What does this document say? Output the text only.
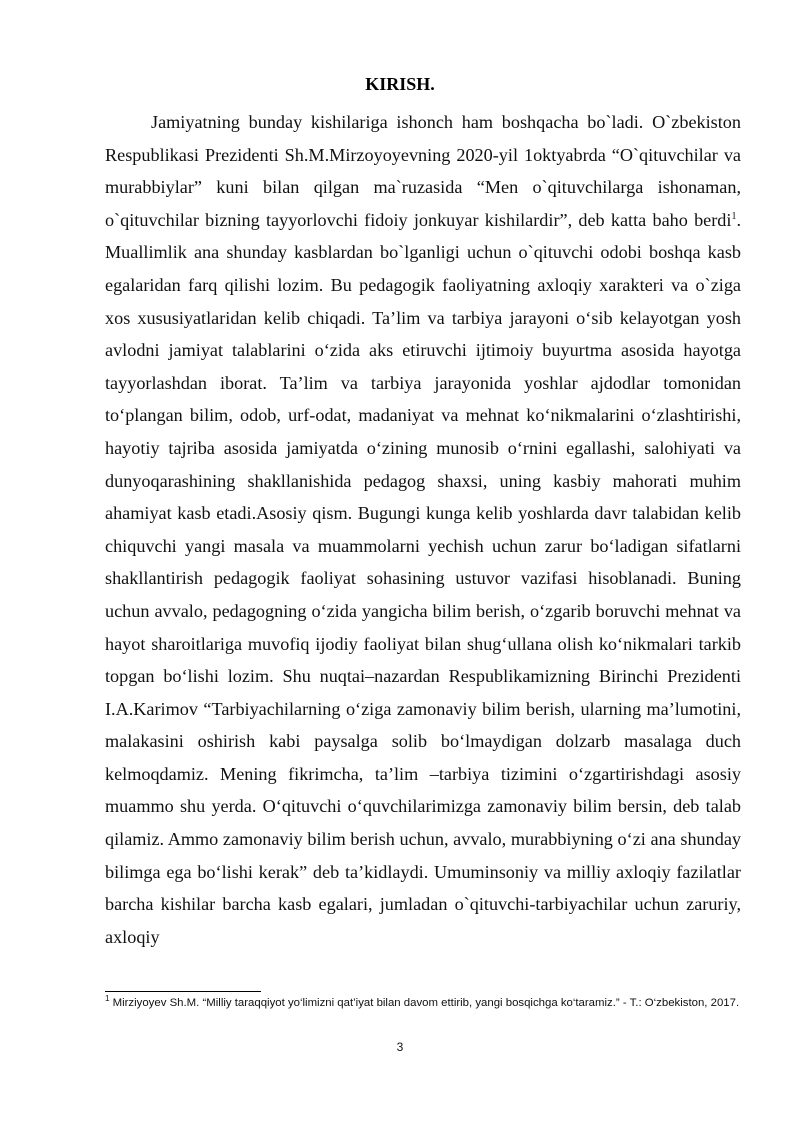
KIRISH.

Jamiyatning bunday kishilariga ishonch ham boshqacha bo`ladi. O`zbekiston Respublikasi Prezidenti Sh.M.Mirzoyoyevning 2020-yil 1oktyabrda “O`qituvchilar va murabbiylar” kuni bilan qilgan ma`ruzasida “Men o`qituvchilarga ishonaman, o`qituvchilar bizning tayyorlovchi fidoiy jonkuyar kishilardir”, deb katta baho berdi$^1$. Muallimlik ana shunday kasblardan bo`lganligi uchun o`qituvchi odobi boshqa kasb egalaridan farq qilishi lozim. Bu pedagogik faoliyatning axloqiy xarakteri va o`ziga xos xususiyatlaridan kelib chiqadi. Ta’lim va tarbiya jarayoni o‘sib kelayotgan yosh avlodni jamiyat talablarini o‘zida aks etiruvchi ijtimoiy buyurtma asosida hayotga tayyorlashdan iborat. Ta’lim va tarbiya jarayonida yoshlar ajdodlar tomonidan to‘plangan bilim, odob, urf-odat, madaniyat va mehnat ko‘nikmalarini o‘zlashtirishi, hayotiy tajriba asosida jamiyatda o‘zining munosib o‘rnini egallashi, salohiyati va dunyoqarashining shakllanishida pedagog shaxsi, uning kasbiy mahorati muhim ahamiyat kasb etadi.Asosiy qism. Bugungi kunga kelib yoshlarda davr talabidan kelib chiquvchi yangi masala va muammolarni yechish uchun zarur bo‘ladigan sifatlarni shakllantirish pedagogik faoliyat sohasining ustuvor vazifasi hisoblanadi. Buning uchun avvalo, pedagogning o‘zida yangicha bilim berish, o‘zgarib boruvchi mehnat va hayot sharoitlariga muvofiq ijodiy faoliyat bilan shug‘ullana olish ko‘nikmalari tarkib topgan bo‘lishi lozim. Shu nuqtai–nazardan Respublikamizning Birinchi Prezidenti I.A.Karimov “Tarbiyachilarning o‘ziga zamonaviy bilim berish, ularning ma’lumotini, malakasini oshirish kabi paysalga solib bo‘lmaydigan dolzarb masalaga duch kelmoqdamiz. Mening fikrimcha, ta’lim –tarbiya tizimini o‘zgartirishdagi asosiy muammo shu yerda. O‘qituvchi o‘quvchilarimizga zamonaviy bilim bersin, deb talab qilamiz. Ammo zamonaviy bilim berish uchun, avvalo, murabbiyning o‘zi ana shunday bilimga ega bo‘lishi kerak” deb ta’kidlaydi. Umuminsoniy va milliy axloqiy fazilatlar barcha kishilar barcha kasb egalari, jumladan o`qituvchi-tarbiyachilar uchun zaruriy, axloqiy

$^1$ Mirziyoyev Sh.M. “Milliy taraqqiyot yo‘limizni qat’iyat bilan davom ettirib, yangi bosqichga ko‘taramiz.” - T.: O‘zbekiston, 2017.
3
